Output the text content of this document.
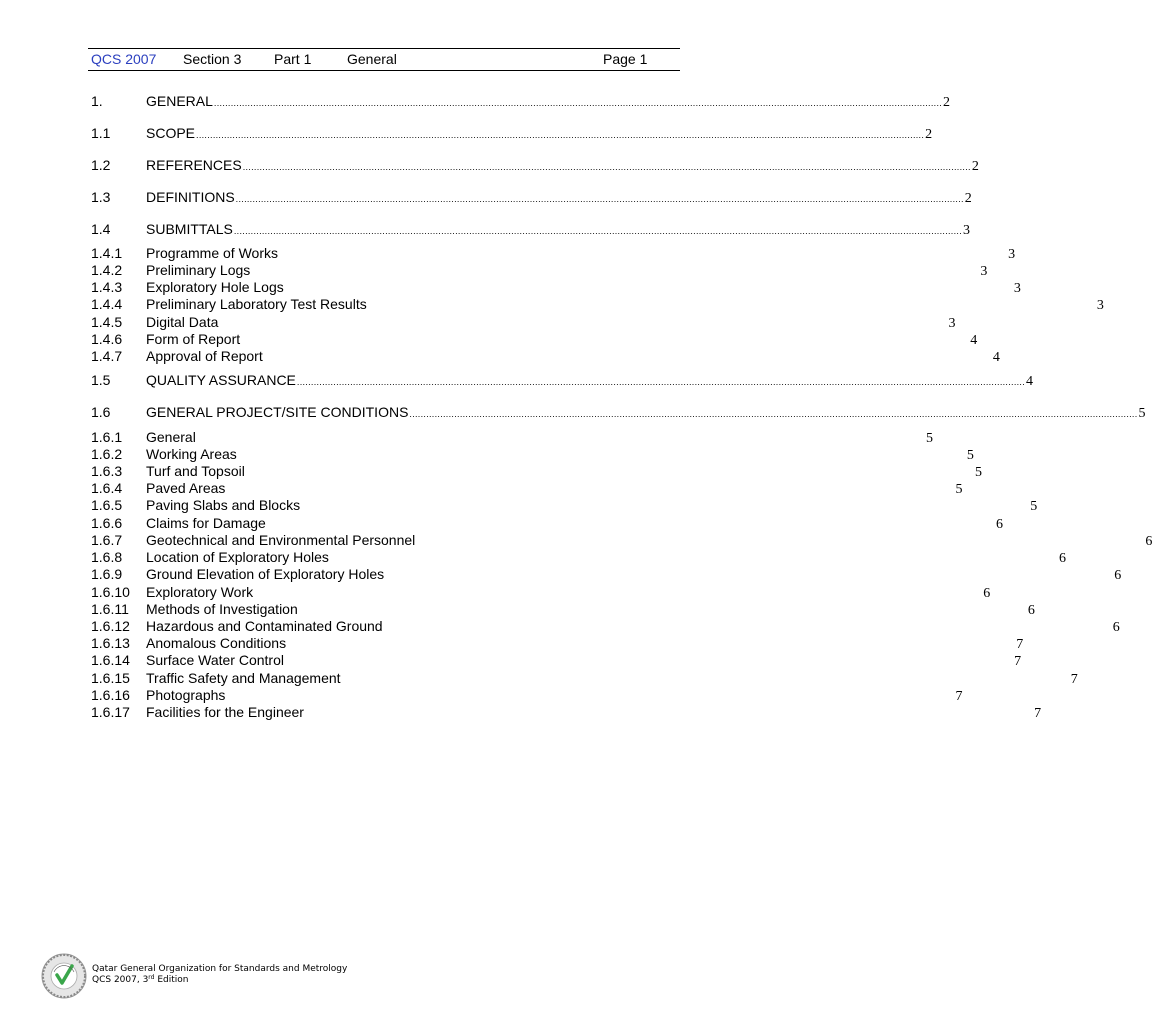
QCS 2007 Section 3 Part 1	General	Page 1
1.	GENERAL .................................................................................................................................................................................................................................................................... 2
1.1	SCOPE .................................................................................................................................................................................................................................................................... 2
1.2	REFERENCES .................................................................................................................................................................................................................................................................... 2
1.3	DEFINITIONS .................................................................................................................................................................................................................................................................... 2
1.4	SUBMITTALS .................................................................................................................................................................................................................................................................... 3
1.4.1	Programme of Works	3
1.4.2	Preliminary Logs	3
1.4.3	Exploratory Hole Logs	3
1.4.4	Preliminary Laboratory Test Results	3
1.4.5	Digital Data	3
1.4.6	Form of Report	4
1.4.7	Approval of Report	4
1.5	QUALITY ASSURANCE .................................................................................................................................................................................................................................................................... 4
1.6	GENERAL PROJECT/SITE CONDITIONS .................................................................................................................................................................................................................................................................... 5
1.6.1	General	5
1.6.2	Working Areas	5
1.6.3	Turf and Topsoil	5
1.6.4	Paved Areas	5
1.6.5	Paving Slabs and Blocks	5
1.6.6	Claims for Damage	6
1.6.7	Geotechnical and Environmental Personnel	6
1.6.8	Location of Exploratory Holes	6
1.6.9	Ground Elevation of Exploratory Holes	6
1.6.10	Exploratory Work	6
1.6.11	Methods of Investigation	6
1.6.12	Hazardous and Contaminated Ground	6
1.6.13	Anomalous Conditions	7
1.6.14	Surface Water Control	7
1.6.15	Traffic Safety and Management	7
1.6.16	Photographs	7
1.6.17	Facilities for the Engineer	7
Qatar General Organization for Standards and Metrology
QCS 2007, 3rd Edition
